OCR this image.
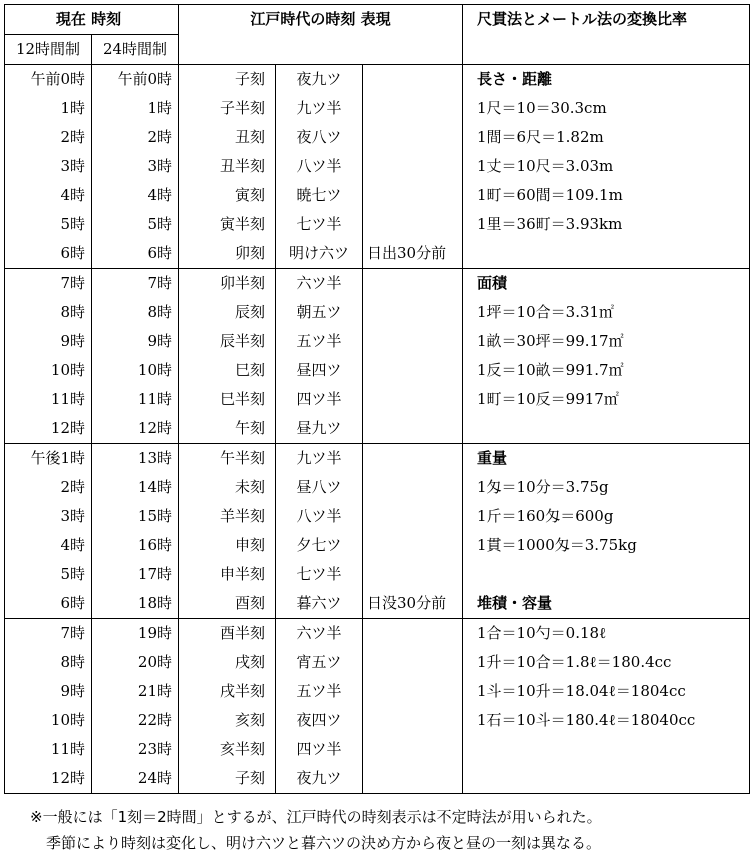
現在 時刻		江戸時代の時刻 表現			尺貫法とメートル法の変換比率
12時間制	24時間制				
午前0時	午前0時	子刻	夜九ツ		長さ・距離
1時	1時	子半刻	九ツ半		1尺＝10＝30.3cm
2時	2時	丑刻	夜八ツ		1間＝6尺＝1.82m
3時	3時	丑半刻	八ツ半		1丈＝10尺＝3.03m
4時	4時	寅刻	暁七ツ		1町＝60間＝109.1m
5時	5時	寅半刻	七ツ半		1里＝36町＝3.93km
6時	6時	卯刻	明け六ツ	日出30分前	
7時	7時	卯半刻	六ツ半		面積
8時	8時	辰刻	朝五ツ		1坪＝10合＝3.31㎡
9時	9時	辰半刻	五ツ半		1畝＝30坪＝99.17㎡
10時	10時	巳刻	昼四ツ		1反＝10畝＝991.7㎡
11時	11時	巳半刻	四ツ半		1町＝10反＝9917㎡
12時	12時	午刻	昼九ツ		
午後1時	13時	午半刻	九ツ半		重量
2時	14時	未刻	昼八ツ		1匁＝10分＝3.75g
3時	15時	羊半刻	八ツ半		1斤＝160匁＝600g
4時	16時	申刻	夕七ツ		1貫＝1000匁＝3.75kg
5時	17時	申半刻	七ツ半		
6時	18時	酉刻	暮六ツ	日没30分前	堆積・容量
7時	19時	酉半刻	六ツ半		1合＝10勺＝0.18ℓ
8時	20時	戌刻	宵五ツ		1升＝10合＝1.8ℓ＝180.4cc
9時	21時	戌半刻	五ツ半		1斗＝10升＝18.04ℓ＝1804cc
10時	22時	亥刻	夜四ツ		1石＝10斗＝180.4ℓ＝18040cc
11時	23時	亥半刻	四ツ半		
12時	24時	子刻	夜九ツ		
※一般には「1刻＝2時間」とするが、江戸時代の時刻表示は不定時法が用いられた。
季節により時刻は変化し、明け六ツと暮六ツの決め方から夜と昼の一刻は異なる。
